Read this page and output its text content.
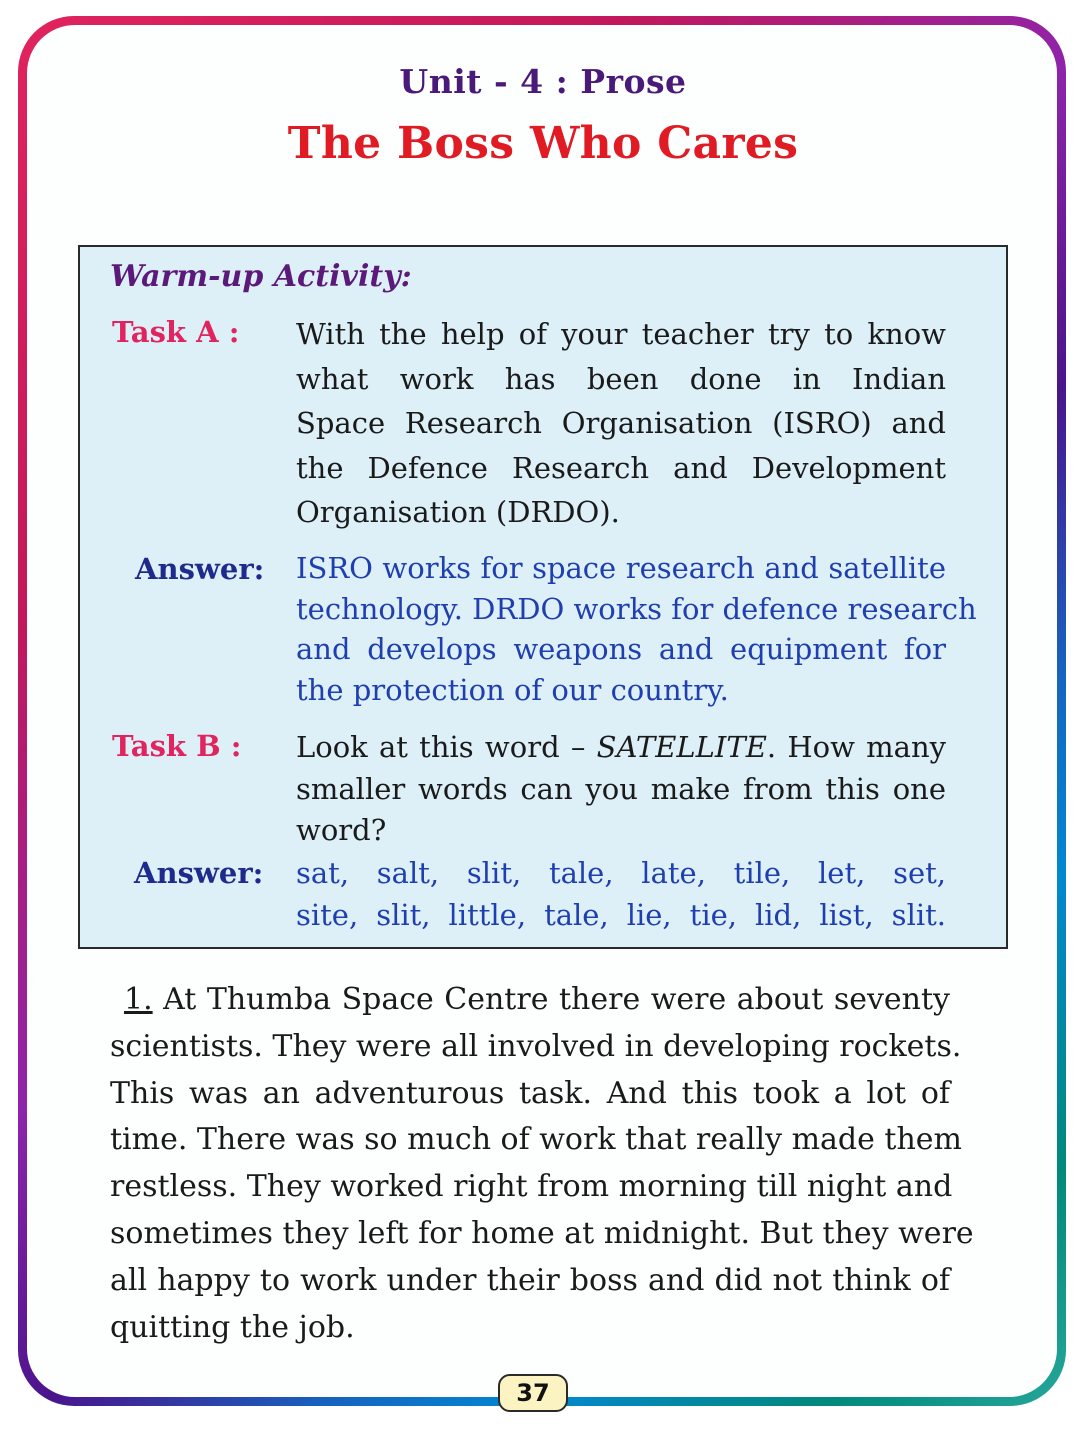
Unit - 4 : Prose
The Boss Who Cares
Warm-up Activity:
Task A : With the help of your teacher try to know
what work has been done in Indian
Space Research Organisation (ISRO) and
the Defence Research and Development
Organisation (DRDO).
Answer: ISRO works for space research and satellite
technology. DRDO works for defence research
and develops weapons and equipment for
the protection of our country.
Task B : Look at this word – SATELLITE. How many
smaller words can you make from this one
word?
Answer: sat, salt, slit, tale, late, tile, let, set,
site, slit, little, tale, lie, tie, lid, list, slit.
1. At Thumba Space Centre there were about seventy
scientists. They were all involved in developing rockets.
This was an adventurous task. And this took a lot of
time. There was so much of work that really made them
restless. They worked right from morning till night and
sometimes they left for home at midnight. But they were
all happy to work under their boss and did not think of
quitting the job.
37
